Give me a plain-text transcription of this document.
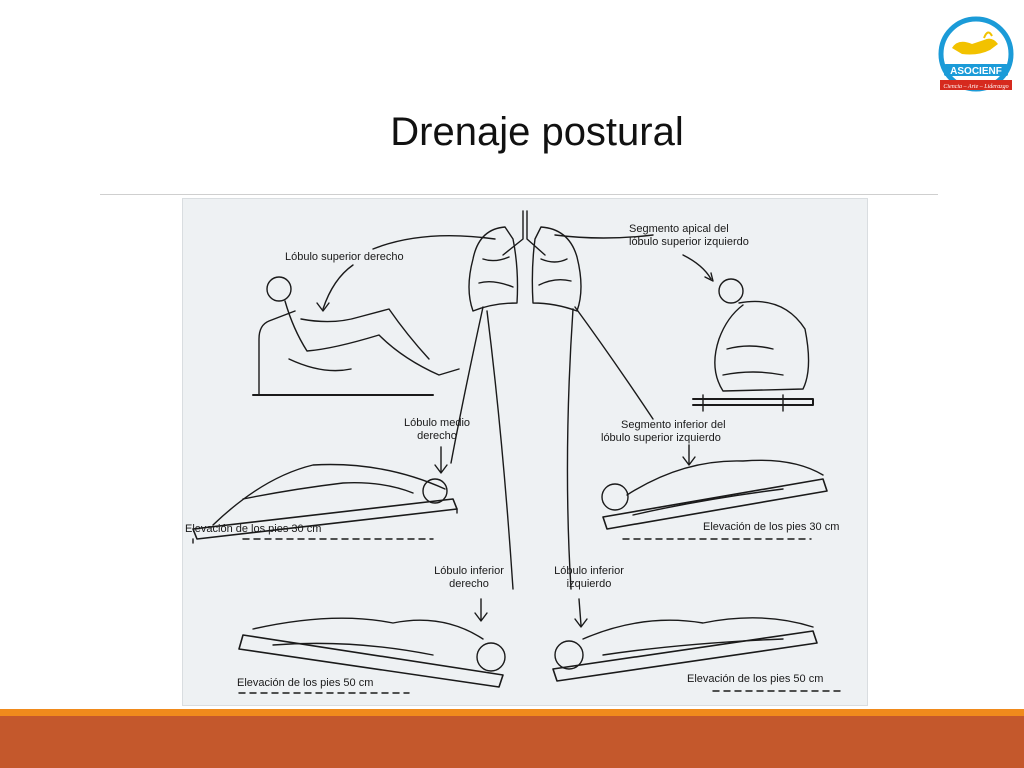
ASOCIENF
Ciencia – Arte – Liderazgo
Drenaje postural
Lóbulo superior derecho
Segmento apical del
lóbulo superior izquierdo
Lóbulo medio
derecho
Segmento inferior del
lóbulo superior izquierdo
Elevación de los pies 30 cm	Elevación de los pies 30 cm
Lóbulo inferior
derecho
Lóbulo inferior
izquierdo
Elevación de los pies 50 cm	Elevación de los pies 50 cm
